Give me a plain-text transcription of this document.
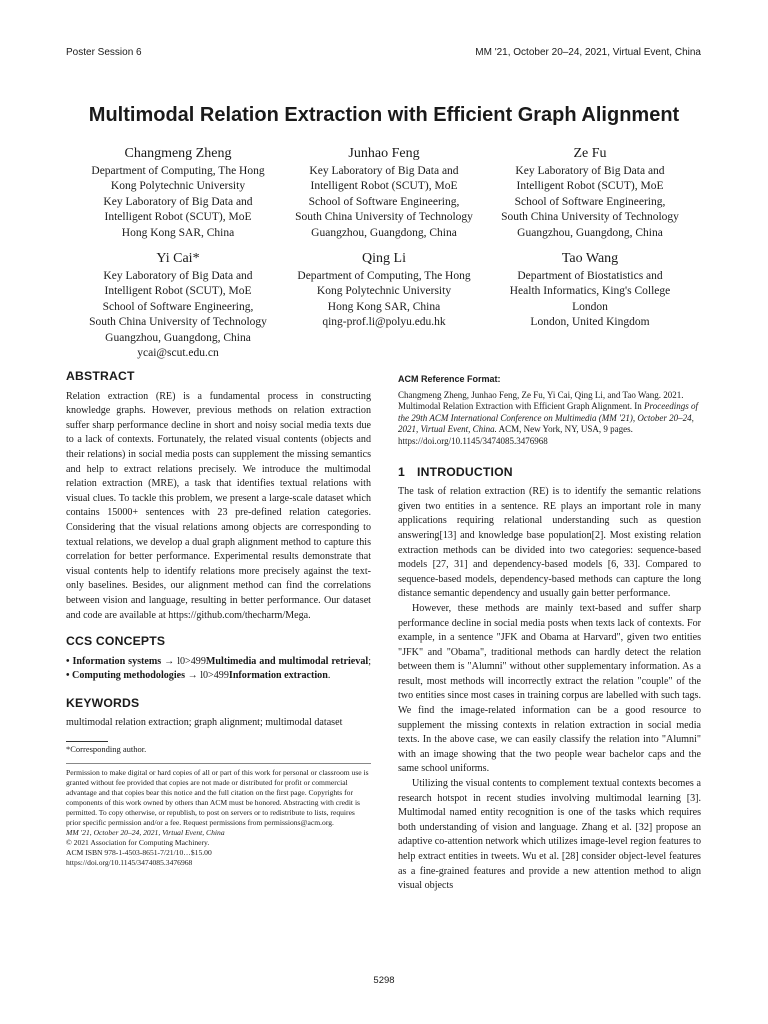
Poster Session 6	MM '21, October 20–24, 2021, Virtual Event, China
Multimodal Relation Extraction with Efficient Graph Alignment
Changmeng Zheng
Department of Computing, The Hong
Kong Polytechnic University
Key Laboratory of Big Data and
Intelligent Robot (SCUT), MoE
Hong Kong SAR, China
Junhao Feng
Key Laboratory of Big Data and
Intelligent Robot (SCUT), MoE
School of Software Engineering,
South China University of Technology
Guangzhou, Guangdong, China
Ze Fu
Key Laboratory of Big Data and
Intelligent Robot (SCUT), MoE
School of Software Engineering,
South China University of Technology
Guangzhou, Guangdong, China
Yi Cai*
Key Laboratory of Big Data and
Intelligent Robot (SCUT), MoE
School of Software Engineering,
South China University of Technology
Guangzhou, Guangdong, China
ycai@scut.edu.cn
Qing Li
Department of Computing, The Hong
Kong Polytechnic University
Hong Kong SAR, China
qing-prof.li@polyu.edu.hk
Tao Wang
Department of Biostatistics and
Health Informatics, King's College
London
London, United Kingdom
ABSTRACT

Relation extraction (RE) is a fundamental process in constructing knowledge graphs. However, previous methods on relation extraction suffer sharp performance decline in short and noisy social media texts due to a lack of contexts. Fortunately, the related visual contents (objects and their relations) in social media posts can supplement the missing semantics and help to extract relations precisely. We introduce the multimodal relation extraction (MRE), a task that identifies textual relations with visual clues. To tackle this problem, we present a large-scale dataset which contains 15000+ sentences with 23 pre-defined relation categories. Considering that the visual relations among objects are corresponding to textual relations, we develop a dual graph alignment method to capture this correlation for better performance. Experimental results demonstrate that visual contents help to identify relations more precisely against the text-only baselines. Besides, our alignment method can find the correlations between vision and language, resulting in better performance. Our dataset and code are available at https://github.com/thecharm/Mega.

CCS CONCEPTS

• Information systems → l0>499Multimedia and multimodal retrieval; • Computing methodologies → l0>499Information extraction.

KEYWORDS

multimodal relation extraction; graph alignment; multimodal dataset

*Corresponding author.

Permission to make digital or hard copies of all or part of this work for personal or classroom use is granted without fee provided that copies are not made or distributed for profit or commercial advantage and that copies bear this notice and the full citation on the first page. Copyrights for components of this work owned by others than ACM must be honored. Abstracting with credit is permitted. To copy otherwise, or republish, to post on servers or to redistribute to lists, requires prior specific permission and/or a fee. Request permissions from permissions@acm.org.

MM '21, October 20–24, 2021, Virtual Event, China

© 2021 Association for Computing Machinery.

ACM ISBN 978-1-4503-8651-7/21/10…$15.00

https://doi.org/10.1145/3474085.3476968

ACM Reference Format:

Changmeng Zheng, Junhao Feng, Ze Fu, Yi Cai, Qing Li, and Tao Wang. 2021. Multimodal Relation Extraction with Efficient Graph Alignment. In Proceedings of the 29th ACM International Conference on Multimedia (MM '21), October 20–24, 2021, Virtual Event, China. ACM, New York, NY, USA, 9 pages. https://doi.org/10.1145/3474085.3476968

1 INTRODUCTION

The task of relation extraction (RE) is to identify the semantic relations given two entities in a sentence. RE plays an important role in many applications requiring relational understanding such as question answering[13] and knowledge base population[2]. Most existing relation extraction methods can be divided into two categories: sequence-based models [27, 31] and dependency-based models [6, 33]. Compared to sequence-based models, dependency-based methods can capture the long distance semantic dependency and usually gain better performance.

However, these methods are mainly text-based and suffer sharp performance decline in social media posts when texts lack of contexts. For example, in a sentence "JFK and Obama at Harvard", given two entities "JFK" and "Obama", traditional methods can hardly detect the relation between them is "Alumni" without other supplementary information. As a result, most methods will incorrectly extract the relation "couple" of the two entities since most cases in training corpus are labelled with such tags. We find the image-related information can be a good resource to supplement the missing contexts in relation extraction in social media texts. In the above case, we can easily classify the relation into "Alumni" with an image showing that the two people wear bachelor caps and the same school uniforms.

Utilizing the visual contents to complement textual contexts becomes a research hotspot in recent studies involving multimodal learning [3]. Multimodal named entity recognition is one of the tasks which requires both understanding of vision and language. Zhang et al. [32] propose an adaptive co-attention network which utilizes image-level region features to help extract entities in tweets. Wu et al. [28] consider object-level features as a fine-grained features and provide a new attention method to align visual objects

5298
